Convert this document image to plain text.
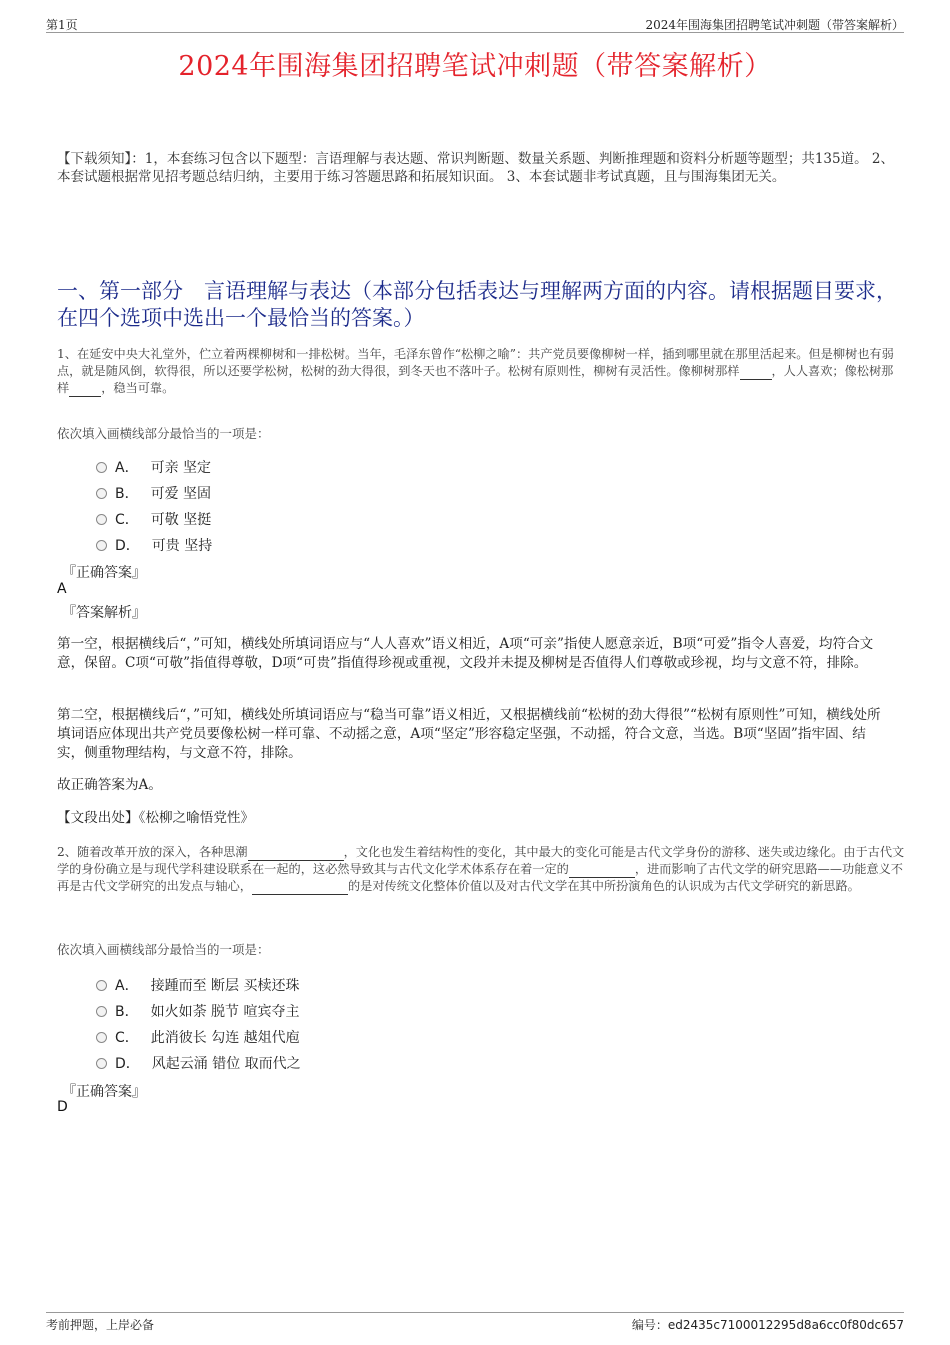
第1页	2024年围海集团招聘笔试冲刺题（带答案解析）
2024年围海集团招聘笔试冲刺题（带答案解析）
【下载须知】：1，本套练习包含以下题型：言语理解与表达题、常识判断题、数量关系题、判断推理题和资料分析题等题型；共135道。 2、本套试题根据常见招考题总结归纳，主要用于练习答题思路和拓展知识面。 3、本套试题非考试真题，且与围海集团无关。
一、第一部分　言语理解与表达（本部分包括表达与理解两方面的内容。请根据题目要求，在四个选项中选出一个最恰当的答案。）
1、在延安中央大礼堂外，伫立着两棵柳树和一排松树。当年，毛泽东曾作“松柳之喻”：共产党员要像柳树一样，插到哪里就在那里活起来。但是柳树也有弱点，就是随风倒，软得很，所以还要学松树，松树的劲大得很，到冬天也不落叶子。松树有原则性，柳树有灵活性。像柳树那样	，人人喜欢；像松树那样	，稳当可靠。
依次填入画横线部分最恰当的一项是：
A． 可亲 坚定
B． 可爱 坚固
C． 可敬 坚挺
D． 可贵 坚持
『正确答案』
A
『答案解析』
第一空，根据横线后“，”可知，横线处所填词语应与“人人喜欢”语义相近，A项“可亲”指使人愿意亲近，B项“可爱”指令人喜爱，均符合文意，保留。C项“可敬”指值得尊敬，D项“可贵”指值得珍视或重视，文段并未提及柳树是否值得人们尊敬或珍视，均与文意不符，排除。
第二空，根据横线后“，”可知，横线处所填词语应与“稳当可靠”语义相近，又根据横线前“松树的劲大得很”“松树有原则性”可知，横线处所填词语应体现出共产党员要像松树一样可靠、不动摇之意，A项“坚定”形容稳定坚强，不动摇，符合文意，当选。B项“坚固”指牢固、结实，侧重物理结构，与文意不符，排除。
故正确答案为A。
【文段出处】《松柳之喻悟党性》
2、随着改革开放的深入，各种思潮	，文化也发生着结构性的变化，其中最大的变化可能是古代文学身份的游移、迷失或边缘化。由于古代文学的身份确立是与现代学科建设联系在一起的，这必然导致其与古代文化学术体系存在着一定的	，进而影响了古代文学的研究思路——功能意义不再是古代文学研究的出发点与轴心，	的是对传统文化整体价值以及对古代文学在其中所扮演角色的认识成为古代文学研究的新思路。
依次填入画横线部分最恰当的一项是：
A． 接踵而至 断层 买椟还珠
B． 如火如荼 脱节 喧宾夺主
C． 此消彼长 勾连 越俎代庖
D． 风起云涌 错位 取而代之
『正确答案』
D
考前押题，上岸必备	编号：ed2435c7100012295d8a6cc0f80dc657
